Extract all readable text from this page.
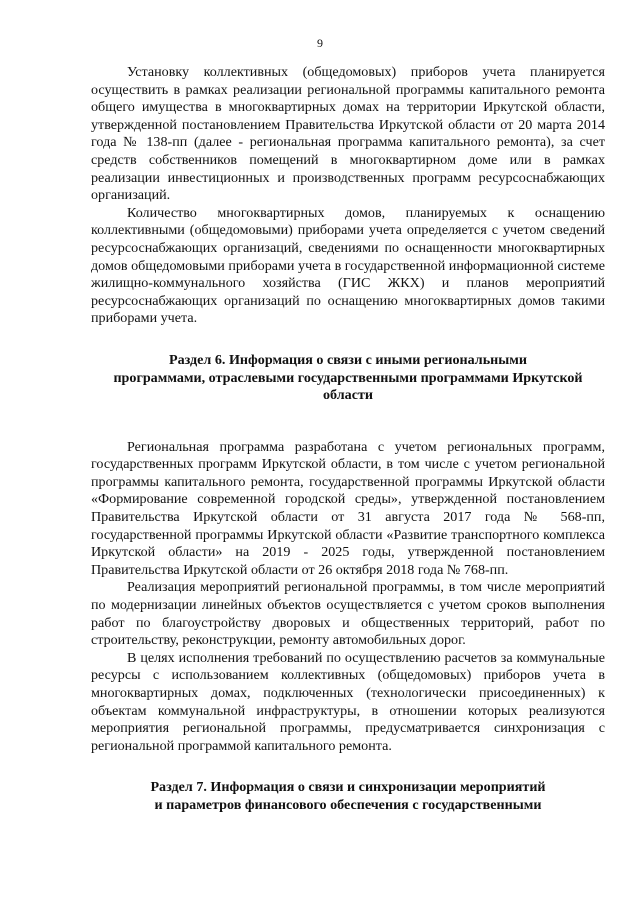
9

Установку коллективных (общедомовых) приборов учета планируется осуществить в рамках реализации региональной программы капитального ремонта общего имущества в многоквартирных домах на территории Иркутской области, утвержденной постановлением Правительства Иркутской области от 20 марта 2014 года № 138-пп (далее - региональная программа капитального ремонта), за счет средств собственников помещений в многоквартирном доме или в рамках реализации инвестиционных и производственных программ ресурсоснабжающих организаций.

Количество многоквартирных домов, планируемых к оснащению коллективными (общедомовыми) приборами учета определяется с учетом сведений ресурсоснабжающих организаций, сведениями по оснащенности многоквартирных домов общедомовыми приборами учета в государственной информационной системе жилищно-коммунального хозяйства (ГИС ЖКХ) и планов мероприятий ресурсоснабжающих организаций по оснащению многоквартирных домов такими приборами учета.

Раздел 6. Информация о связи с иными региональными
программами, отраслевыми государственными программами Иркутской
области

Региональная программа разработана с учетом региональных программ, государственных программ Иркутской области, в том числе с учетом региональной программы капитального ремонта, государственной программы Иркутской области «Формирование современной городской среды», утвержденной постановлением Правительства Иркутской области от 31 августа 2017 года № 568-пп, государственной программы Иркутской области «Развитие транспортного комплекса Иркутской области» на 2019 - 2025 годы, утвержденной постановлением Правительства Иркутской области от 26 октября 2018 года № 768-пп.

Реализация мероприятий региональной программы, в том числе мероприятий по модернизации линейных объектов осуществляется с учетом сроков выполнения работ по благоустройству дворовых и общественных территорий, работ по строительству, реконструкции, ремонту автомобильных дорог.

В целях исполнения требований по осуществлению расчетов за коммунальные ресурсы с использованием коллективных (общедомовых) приборов учета в многоквартирных домах, подключенных (технологически присоединенных) к объектам коммунальной инфраструктуры, в отношении которых реализуются мероприятия региональной программы, предусматривается синхронизация с региональной программой капитального ремонта.

Раздел 7. Информация о связи и синхронизации мероприятий
и параметров финансового обеспечения с государственными
